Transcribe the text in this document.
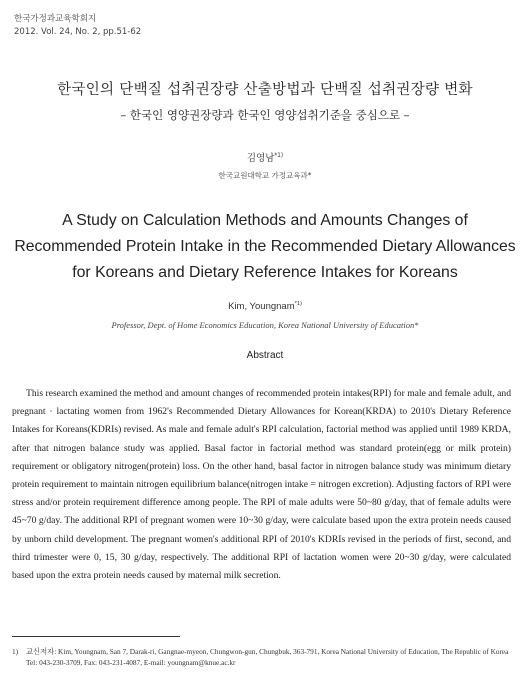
한국가정과교육학회지
2012. Vol. 24, No. 2, pp.51-62
한국인의 단백질 섭취권장량 산출방법과 단백질 섭취권장량 변화
– 한국인 영양권장량과 한국인 영양섭취기준을 중심으로 –
김영남$^{*1)}$
한국교원대학교 가정교육과*
A Study on Calculation Methods and Amounts Changes of Recommended Protein Intake in the Recommended Dietary Allowances for Koreans and Dietary Reference Intakes for Koreans
Kim, Youngnam$^{*1)}$
Professor, Dept. of Home Economics Education, Korea National University of Education*
Abstract

This research examined the method and amount changes of recommended protein intakes(RPI) for male and female adult, and pregnant · lactating women from 1962's Recommended Dietary Allowances for Korean(KRDA) to 2010's Dietary Reference Intakes for Koreans(KDRIs) revised. As male and female adult's RPI calculation, factorial method was applied until 1989 KRDA, after that nitrogen balance study was applied. Basal factor in factorial method was standard protein(egg or milk protein) requirement or obligatory nitrogen(protein) loss. On the other hand, basal factor in nitrogen balance study was minimum dietary protein requirement to maintain nitrogen equilibrium balance(nitrogen intake = nitrogen excretion). Adjusting factors of RPI were stress and/or protein requirement difference among people. The RPI of male adults were 50~80 g/day, that of female adults were 45~70 g/day. The additional RPI of pregnant women were 10~30 g/day, were calculate based upon the extra protein needs caused by unborn child development. The pregnant women's additional RPI of 2010's KDRIs revised in the periods of first, second, and third trimester were 0, 15, 30 g/day, respectively. The additional RPI of lactation women were 20~30 g/day, were calculated based upon the extra protein needs caused by maternal milk secretion.

1) 교신저자: Kim, Youngnam, San 7, Darak-ri, Gangnae-myeon, Chungwon-gun, Chungbuk, 363-791, Korea National University of Education, The Republic of Korea
Tel: 043-230-3709, Fax: 043-231-4087, E-mail: youngnam@knue.ac.kr
